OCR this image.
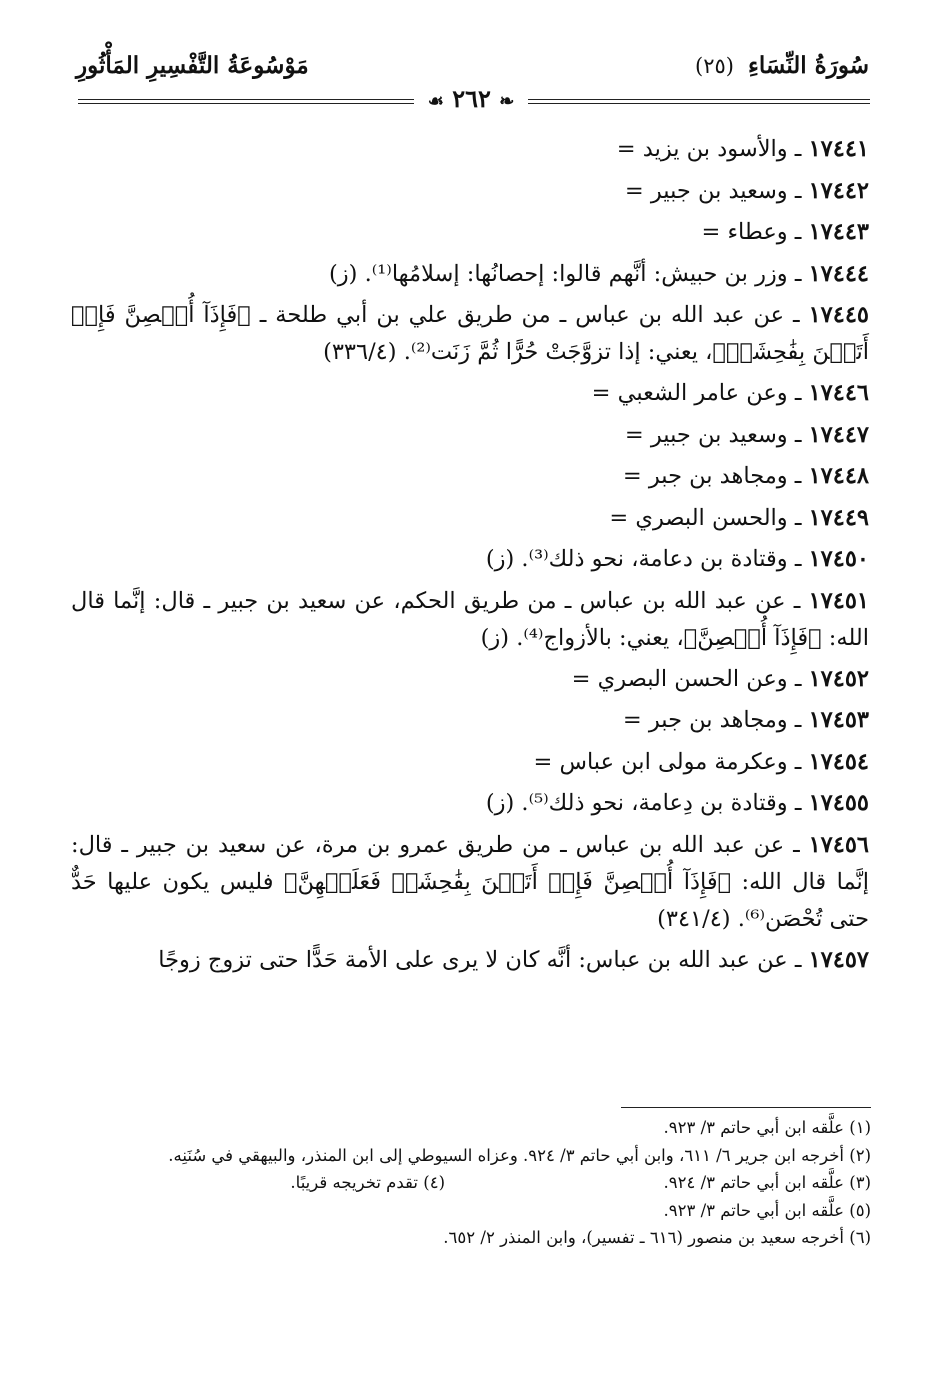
سُورَةُ النِّسَاءِ (٢٥)
مَوْسُوعَةُ التَّفْسِيرِ المَأْثُورِ
❧ ٢٦٢ ☙

١٧٤٤١ ـ والأسود بن يزيد =

١٧٤٤٢ ـ وسعيد بن جبير =

١٧٤٤٣ ـ وعطاء =

١٧٤٤٤ ـ وزر بن حبيش: أنَّهم قالوا: إحصانُها: إسلامُها⁽¹⁾. (ز)

١٧٤٤٥ ـ عن عبد الله بن عباس ـ من طريق علي بن أبي طلحة ـ ﴿فَإِذَآ أُحۡصِنَّ فَإِنۡ أَتَيۡنَ بِفَٰحِشَةٖ﴾، يعني: إذا تزوَّجَتْ حُرًّا ثُمَّ زَنَت⁽²⁾. (٣٣٦/٤)

١٧٤٤٦ ـ وعن عامر الشعبي =

١٧٤٤٧ ـ وسعيد بن جبير =

١٧٤٤٨ ـ ومجاهد بن جبر =

١٧٤٤٩ ـ والحسن البصري =

١٧٤٥٠ ـ وقتادة بن دعامة، نحو ذلك⁽³⁾. (ز)

١٧٤٥١ ـ عن عبد الله بن عباس ـ من طريق الحكم، عن سعيد بن جبير ـ قال: إنَّما قال الله: ﴿فَإِذَآ أُحۡصِنَّ﴾، يعني: بالأزواج⁽⁴⁾. (ز)

١٧٤٥٢ ـ وعن الحسن البصري =

١٧٤٥٣ ـ ومجاهد بن جبر =

١٧٤٥٤ ـ وعكرمة مولى ابن عباس =

١٧٤٥٥ ـ وقتادة بن دِعامة، نحو ذلك⁽⁵⁾. (ز)

١٧٤٥٦ ـ عن عبد الله بن عباس ـ من طريق عمرو بن مرة، عن سعيد بن جبير ـ قال: إنَّما قال الله: ﴿فَإِذَآ أُحۡصِنَّ فَإِنۡ أَتَيۡنَ بِفَٰحِشَةٖ فَعَلَيۡهِنَّ﴾ فليس يكون عليها حَدٌّ حتى تُحْصَن⁽⁶⁾. (٣٤١/٤)

١٧٤٥٧ ـ عن عبد الله بن عباس: أنَّه كان لا يرى على الأمة حَدًّا حتى تزوج زوجًا

(١) علَّقه ابن أبي حاتم ٣/ ٩٢٣.

(٢) أخرجه ابن جرير ٦/ ٦١١، وابن أبي حاتم ٣/ ٩٢٤. وعزاه السيوطي إلى ابن المنذر، والبيهقي في سُنَنِه.

(٣) علَّقه ابن أبي حاتم ٣/ ٩٢٤.

(٤) تقدم تخريجه قريبًا.

(٥) علَّقه ابن أبي حاتم ٣/ ٩٢٣.

(٦) أخرجه سعيد بن منصور (٦١٦ ـ تفسير)، وابن المنذر ٢/ ٦٥٢.
